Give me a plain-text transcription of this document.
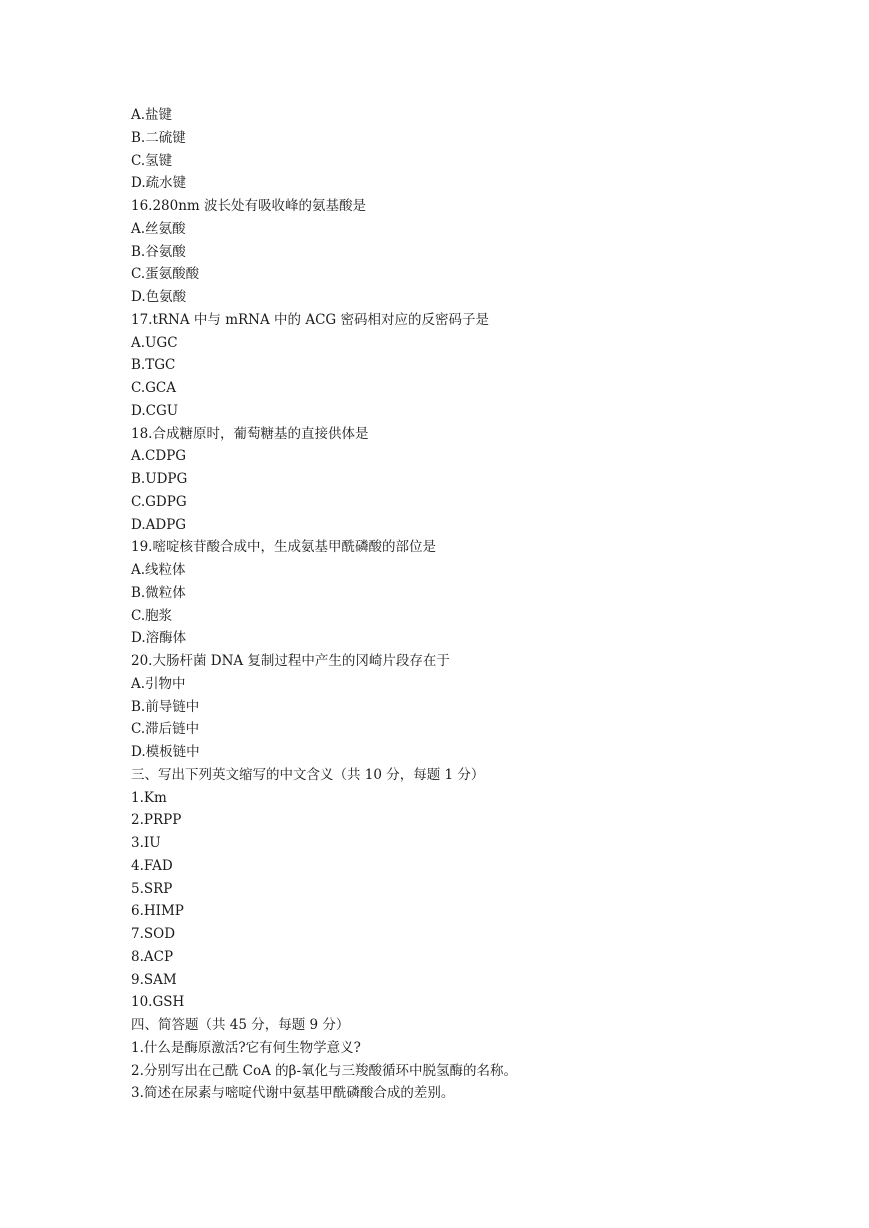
A.盐键
B.二硫键
C.氢键
D.疏水键
16.280nm 波长处有吸收峰的氨基酸是
A.丝氨酸
B.谷氨酸
C.蛋氨酸酸
D.色氨酸
17.tRNA 中与 mRNA 中的 ACG 密码相对应的反密码子是
A.UGC
B.TGC
C.GCA
D.CGU
18.合成糖原时，葡萄糖基的直接供体是
A.CDPG
B.UDPG
C.GDPG
D.ADPG
19.嘧啶核苷酸合成中，生成氨基甲酰磷酸的部位是
A.线粒体
B.微粒体
C.胞浆
D.溶酶体
20.大肠杆菌 DNA 复制过程中产生的冈崎片段存在于
A.引物中
B.前导链中
C.滞后链中
D.模板链中
三、写出下列英文缩写的中文含义（共 10 分，每题 1 分）
1.Km
2.PRPP
3.IU
4.FAD
5.SRP
6.HIMP
7.SOD
8.ACP
9.SAM
10.GSH
四、简答题（共 45 分，每题 9 分）
1.什么是酶原激活?它有何生物学意义?
2.分别写出在己酰 CoA 的β-氧化与三羧酸循环中脱氢酶的名称。
3.简述在尿素与嘧啶代谢中氨基甲酰磷酸合成的差别。
